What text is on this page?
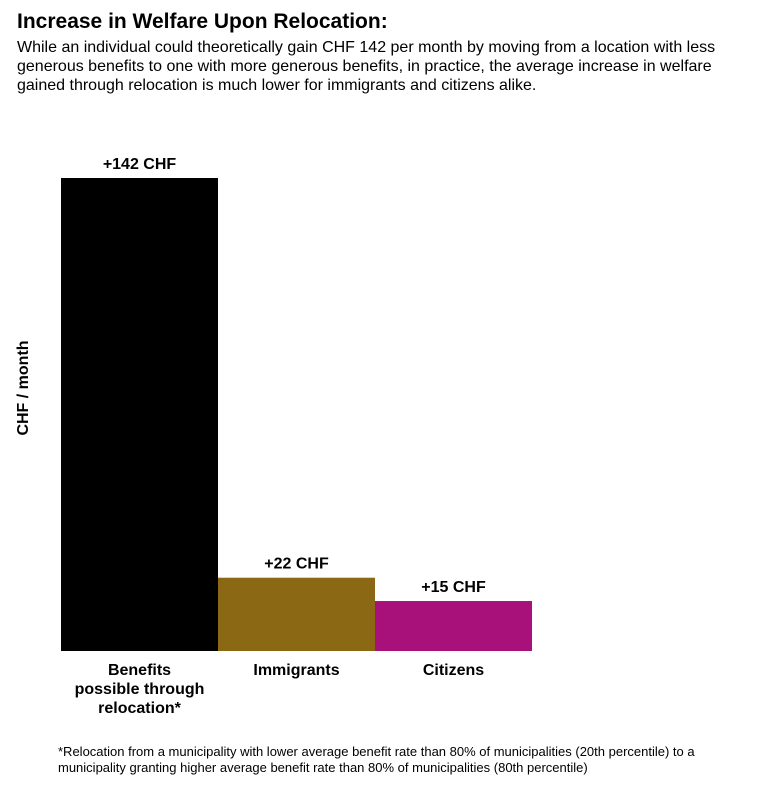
Increase in Welfare Upon Relocation:
While an individual could theoretically gain CHF 142 per month by moving from a location with less generous benefits to one with more generous benefits, in practice, the average increase in welfare gained through relocation is much lower for immigrants and citizens alike.
CHF / month
+142 CHF
Benefits possible through relocation*
+22 CHF
Immigrants
+15 CHF
Citizens
*Relocation from a municipality with lower average benefit rate than 80% of municipalities (20th percentile) to a municipality granting higher average benefit rate than 80% of municipalities (80th percentile)
